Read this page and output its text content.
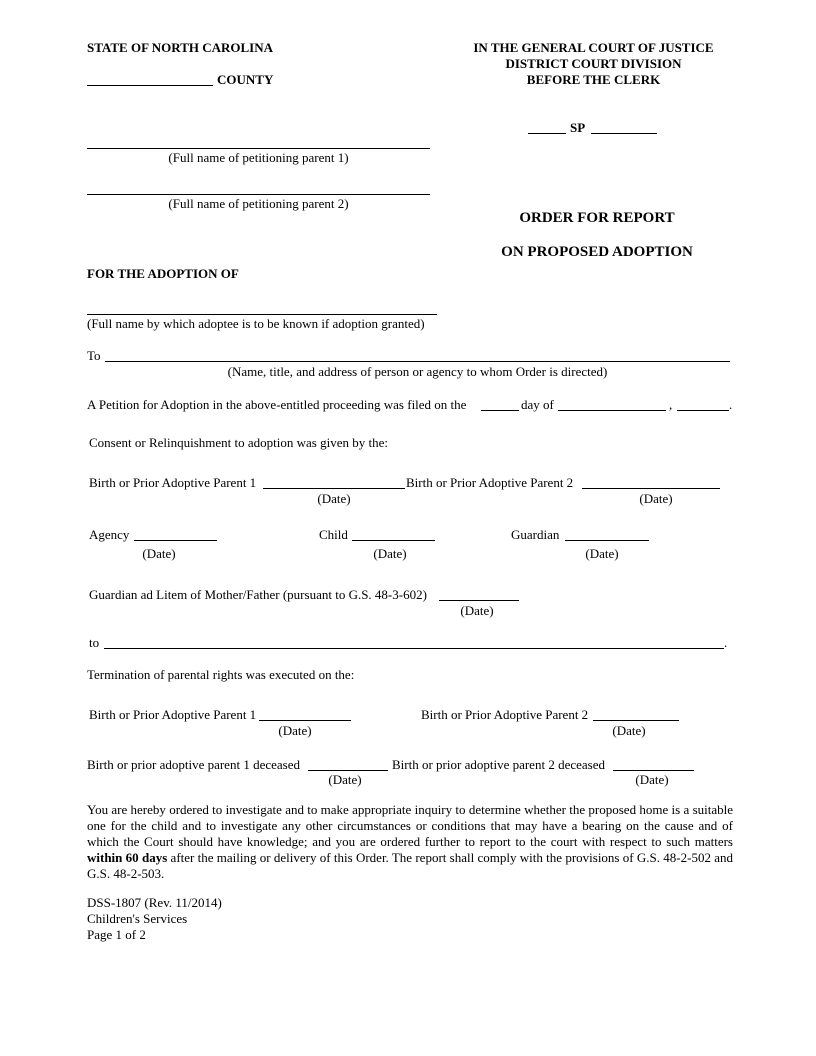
STATE OF NORTH CAROLINA
COUNTY
IN THE GENERAL COURT OF JUSTICE
DISTRICT COURT DIVISION
BEFORE THE CLERK
SP
(Full name of petitioning parent 1)
(Full name of petitioning parent 2)
ORDER FOR REPORT
ON PROPOSED ADOPTION
FOR THE ADOPTION OF
(Full name by which adoptee is to be known if adoption granted)
To
(Name, title, and address of person or agency to whom Order is directed)
A Petition for Adoption in the above-entitled proceeding was filed on the	day of	,	.
Consent or Relinquishment to adoption was given by the:
Birth or Prior Adoptive Parent 1
(Date)
Birth or Prior Adoptive Parent 2
(Date)
Agency
(Date)
Child
(Date)
Guardian
(Date)
Guardian ad Litem of Mother/Father (pursuant to G.S. 48-3-602)
(Date)
to	.
Termination of parental rights was executed on the:
Birth or Prior Adoptive Parent 1
(Date)
Birth or Prior Adoptive Parent 2
(Date)
Birth or prior adoptive parent 1 deceased
(Date)
Birth or prior adoptive parent 2 deceased
(Date)
You are hereby ordered to investigate and to make appropriate inquiry to determine whether the proposed home is a suitable one for the child and to investigate any other circumstances or conditions that may have a bearing on the cause and of which the Court should have knowledge; and you are ordered further to report to the court with respect to such matters within 60 days after the mailing or delivery of this Order. The report shall comply with the provisions of G.S. 48-2-502 and G.S. 48-2-503.
DSS-1807 (Rev. 11/2014)
Children's Services
Page 1 of 2
